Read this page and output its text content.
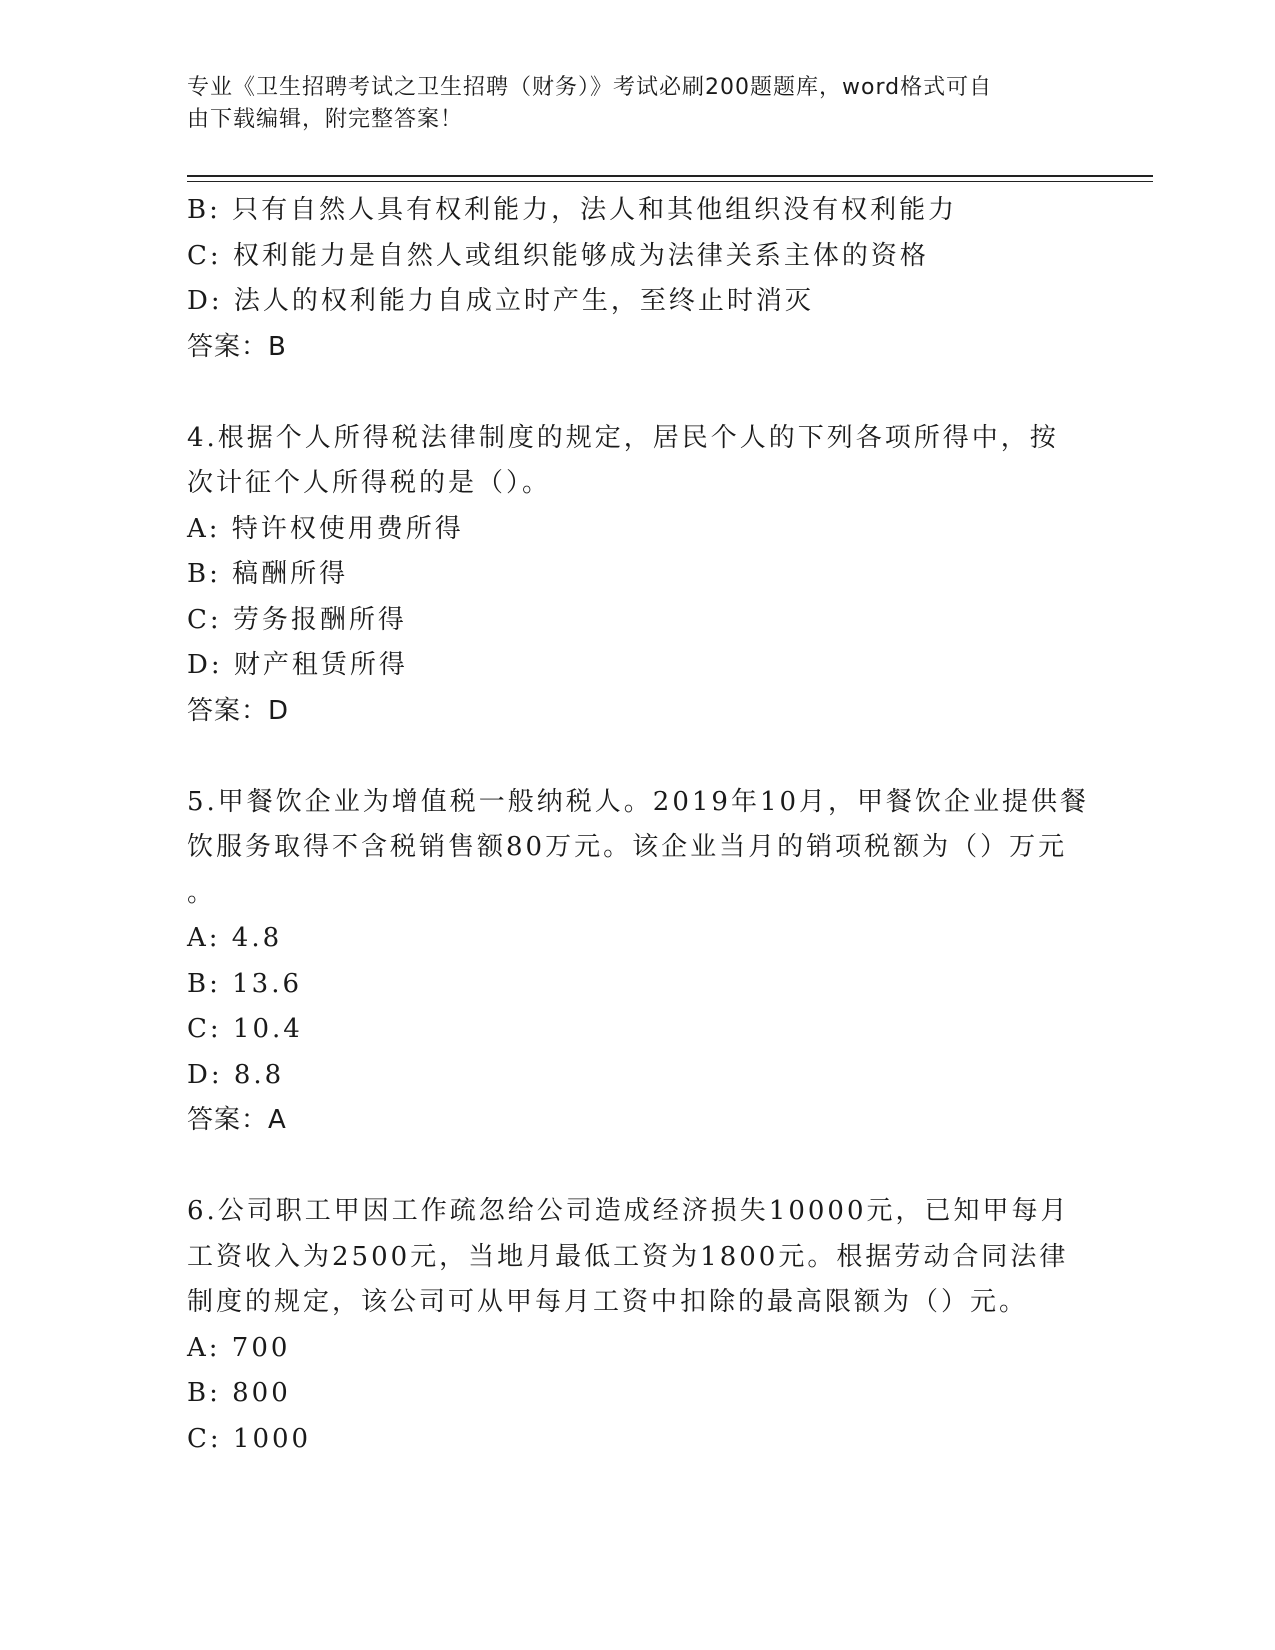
专业《卫生招聘考试之卫生招聘（财务）》考试必刷200题题库，word格式可自
由下载编辑，附完整答案！
B: 只有自然人具有权利能力，法人和其他组织没有权利能力
C: 权利能力是自然人或组织能够成为法律关系主体的资格
D: 法人的权利能力自成立时产生，至终止时消灭
答案：B
4.根据个人所得税法律制度的规定，居民个人的下列各项所得中，按
次计征个人所得税的是（）。
A: 特许权使用费所得
B: 稿酬所得
C: 劳务报酬所得
D: 财产租赁所得
答案：D
5.甲餐饮企业为增值税一般纳税人。2019年10月，甲餐饮企业提供餐
饮服务取得不含税销售额80万元。该企业当月的销项税额为（）万元
。
A: 4.8
B: 13.6
C: 10.4
D: 8.8
答案：A
6.公司职工甲因工作疏忽给公司造成经济损失10000元，已知甲每月
工资收入为2500元，当地月最低工资为1800元。根据劳动合同法律
制度的规定，该公司可从甲每月工资中扣除的最高限额为（）元。
A: 700
B: 800
C: 1000
